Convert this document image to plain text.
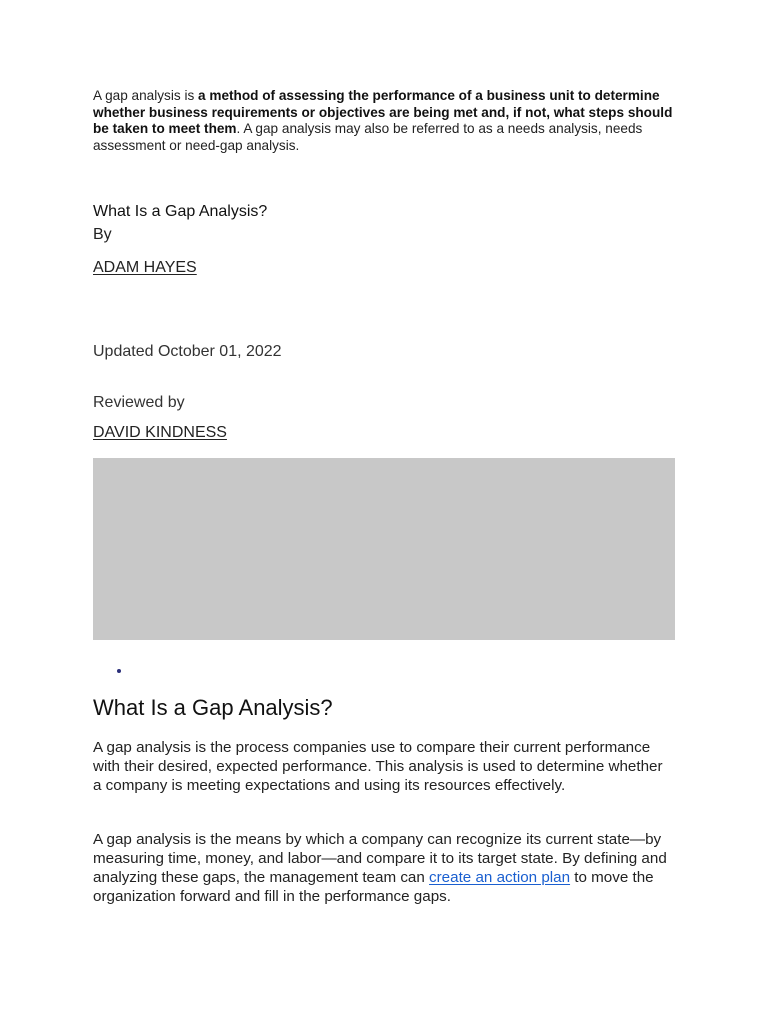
A gap analysis is a method of assessing the performance of a business unit to determine whether business requirements or objectives are being met and, if not, what steps should be taken to meet them. A gap analysis may also be referred to as a needs analysis, needs assessment or need-gap analysis.

What Is a Gap Analysis?
By
ADAM HAYES
Updated October 01, 2022
Reviewed by
DAVID KINDNESS
What Is a Gap Analysis?

A gap analysis is the process companies use to compare their current performance with their desired, expected performance. This analysis is used to determine whether a company is meeting expectations and using its resources effectively.

A gap analysis is the means by which a company can recognize its current state—by measuring time, money, and labor—and compare it to its target state. By defining and analyzing these gaps, the management team can create an action plan to move the organization forward and fill in the performance gaps.
